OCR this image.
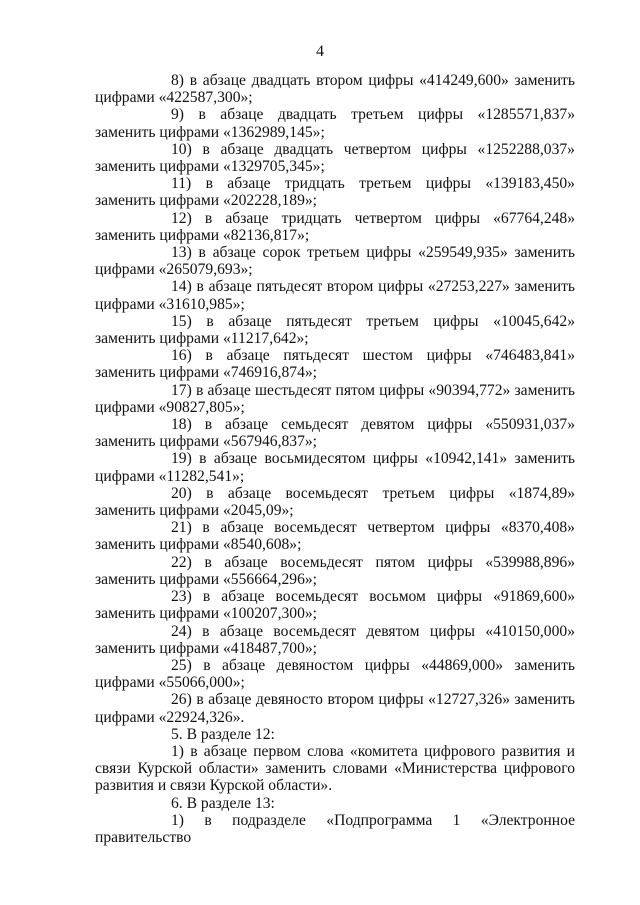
4

8) в абзаце двадцать втором цифры «414249,600» заменить цифрами «422587,300»;

9) в абзаце двадцать третьем цифры «1285571,837» заменить цифрами «1362989,145»;

10) в абзаце двадцать четвертом цифры «1252288,037» заменить цифрами «1329705,345»;

11) в абзаце тридцать третьем цифры «139183,450» заменить цифрами «202228,189»;

12) в абзаце тридцать четвертом цифры «67764,248» заменить цифрами «82136,817»;

13) в абзаце сорок третьем цифры «259549,935» заменить цифрами «265079,693»;

14) в абзаце пятьдесят втором цифры «27253,227» заменить цифрами «31610,985»;

15) в абзаце пятьдесят третьем цифры «10045,642» заменить цифрами «11217,642»;

16) в абзаце пятьдесят шестом цифры «746483,841» заменить цифрами «746916,874»;

17) в абзаце шестьдесят пятом цифры «90394,772» заменить цифрами «90827,805»;

18) в абзаце семьдесят девятом цифры «550931,037» заменить цифрами «567946,837»;

19) в абзаце восьмидесятом цифры «10942,141» заменить цифрами «11282,541»;

20) в абзаце восемьдесят третьем цифры «1874,89» заменить цифрами «2045,09»;

21) в абзаце восемьдесят четвертом цифры «8370,408» заменить цифрами «8540,608»;

22) в абзаце восемьдесят пятом цифры «539988,896» заменить цифрами «556664,296»;

23) в абзаце восемьдесят восьмом цифры «91869,600» заменить цифрами «100207,300»;

24) в абзаце восемьдесят девятом цифры «410150,000» заменить цифрами «418487,700»;

25) в абзаце девяностом цифры «44869,000» заменить цифрами «55066,000»;

26) в абзаце девяносто втором цифры «12727,326» заменить цифрами «22924,326».

5. В разделе 12:

1) в абзаце первом слова «комитета цифрового развития и связи Курской области» заменить словами «Министерства цифрового развития и связи Курской области».

6. В разделе 13:

1) в подразделе «Подпрограмма 1 «Электронное правительство
